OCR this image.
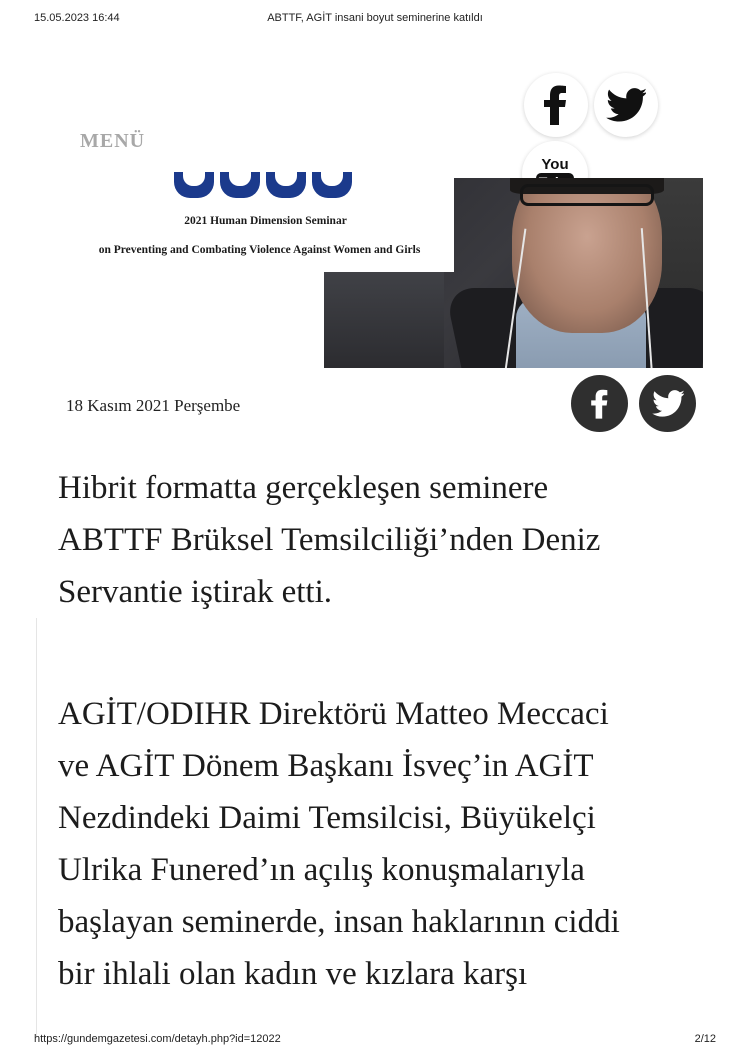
15.05.2023 16:44	ABTTF, AGİT insani boyut seminerine katıldı
MENÜ
You
2021 Human Dimension Seminar
on Preventing and Combating Violence Against Women and Girls
18 Kasım 2021 Perşembe
Hibrit formatta gerçekleşen seminere
ABTTF Brüksel Temsilciliği’nden Deniz
Servantie iştirak etti.
AGİT/ODIHR Direktörü Matteo Meccaci
ve AGİT Dönem Başkanı İsveç’in AGİT
Nezdindeki Daimi Temsilcisi, Büyükelçi
Ulrika Funered’ın açılış konuşmalarıyla
başlayan seminerde, insan haklarının ciddi
bir ihlali olan kadın ve kızlara karşı
https://gundemgazetesi.com/detayh.php?id=12022	2/12
